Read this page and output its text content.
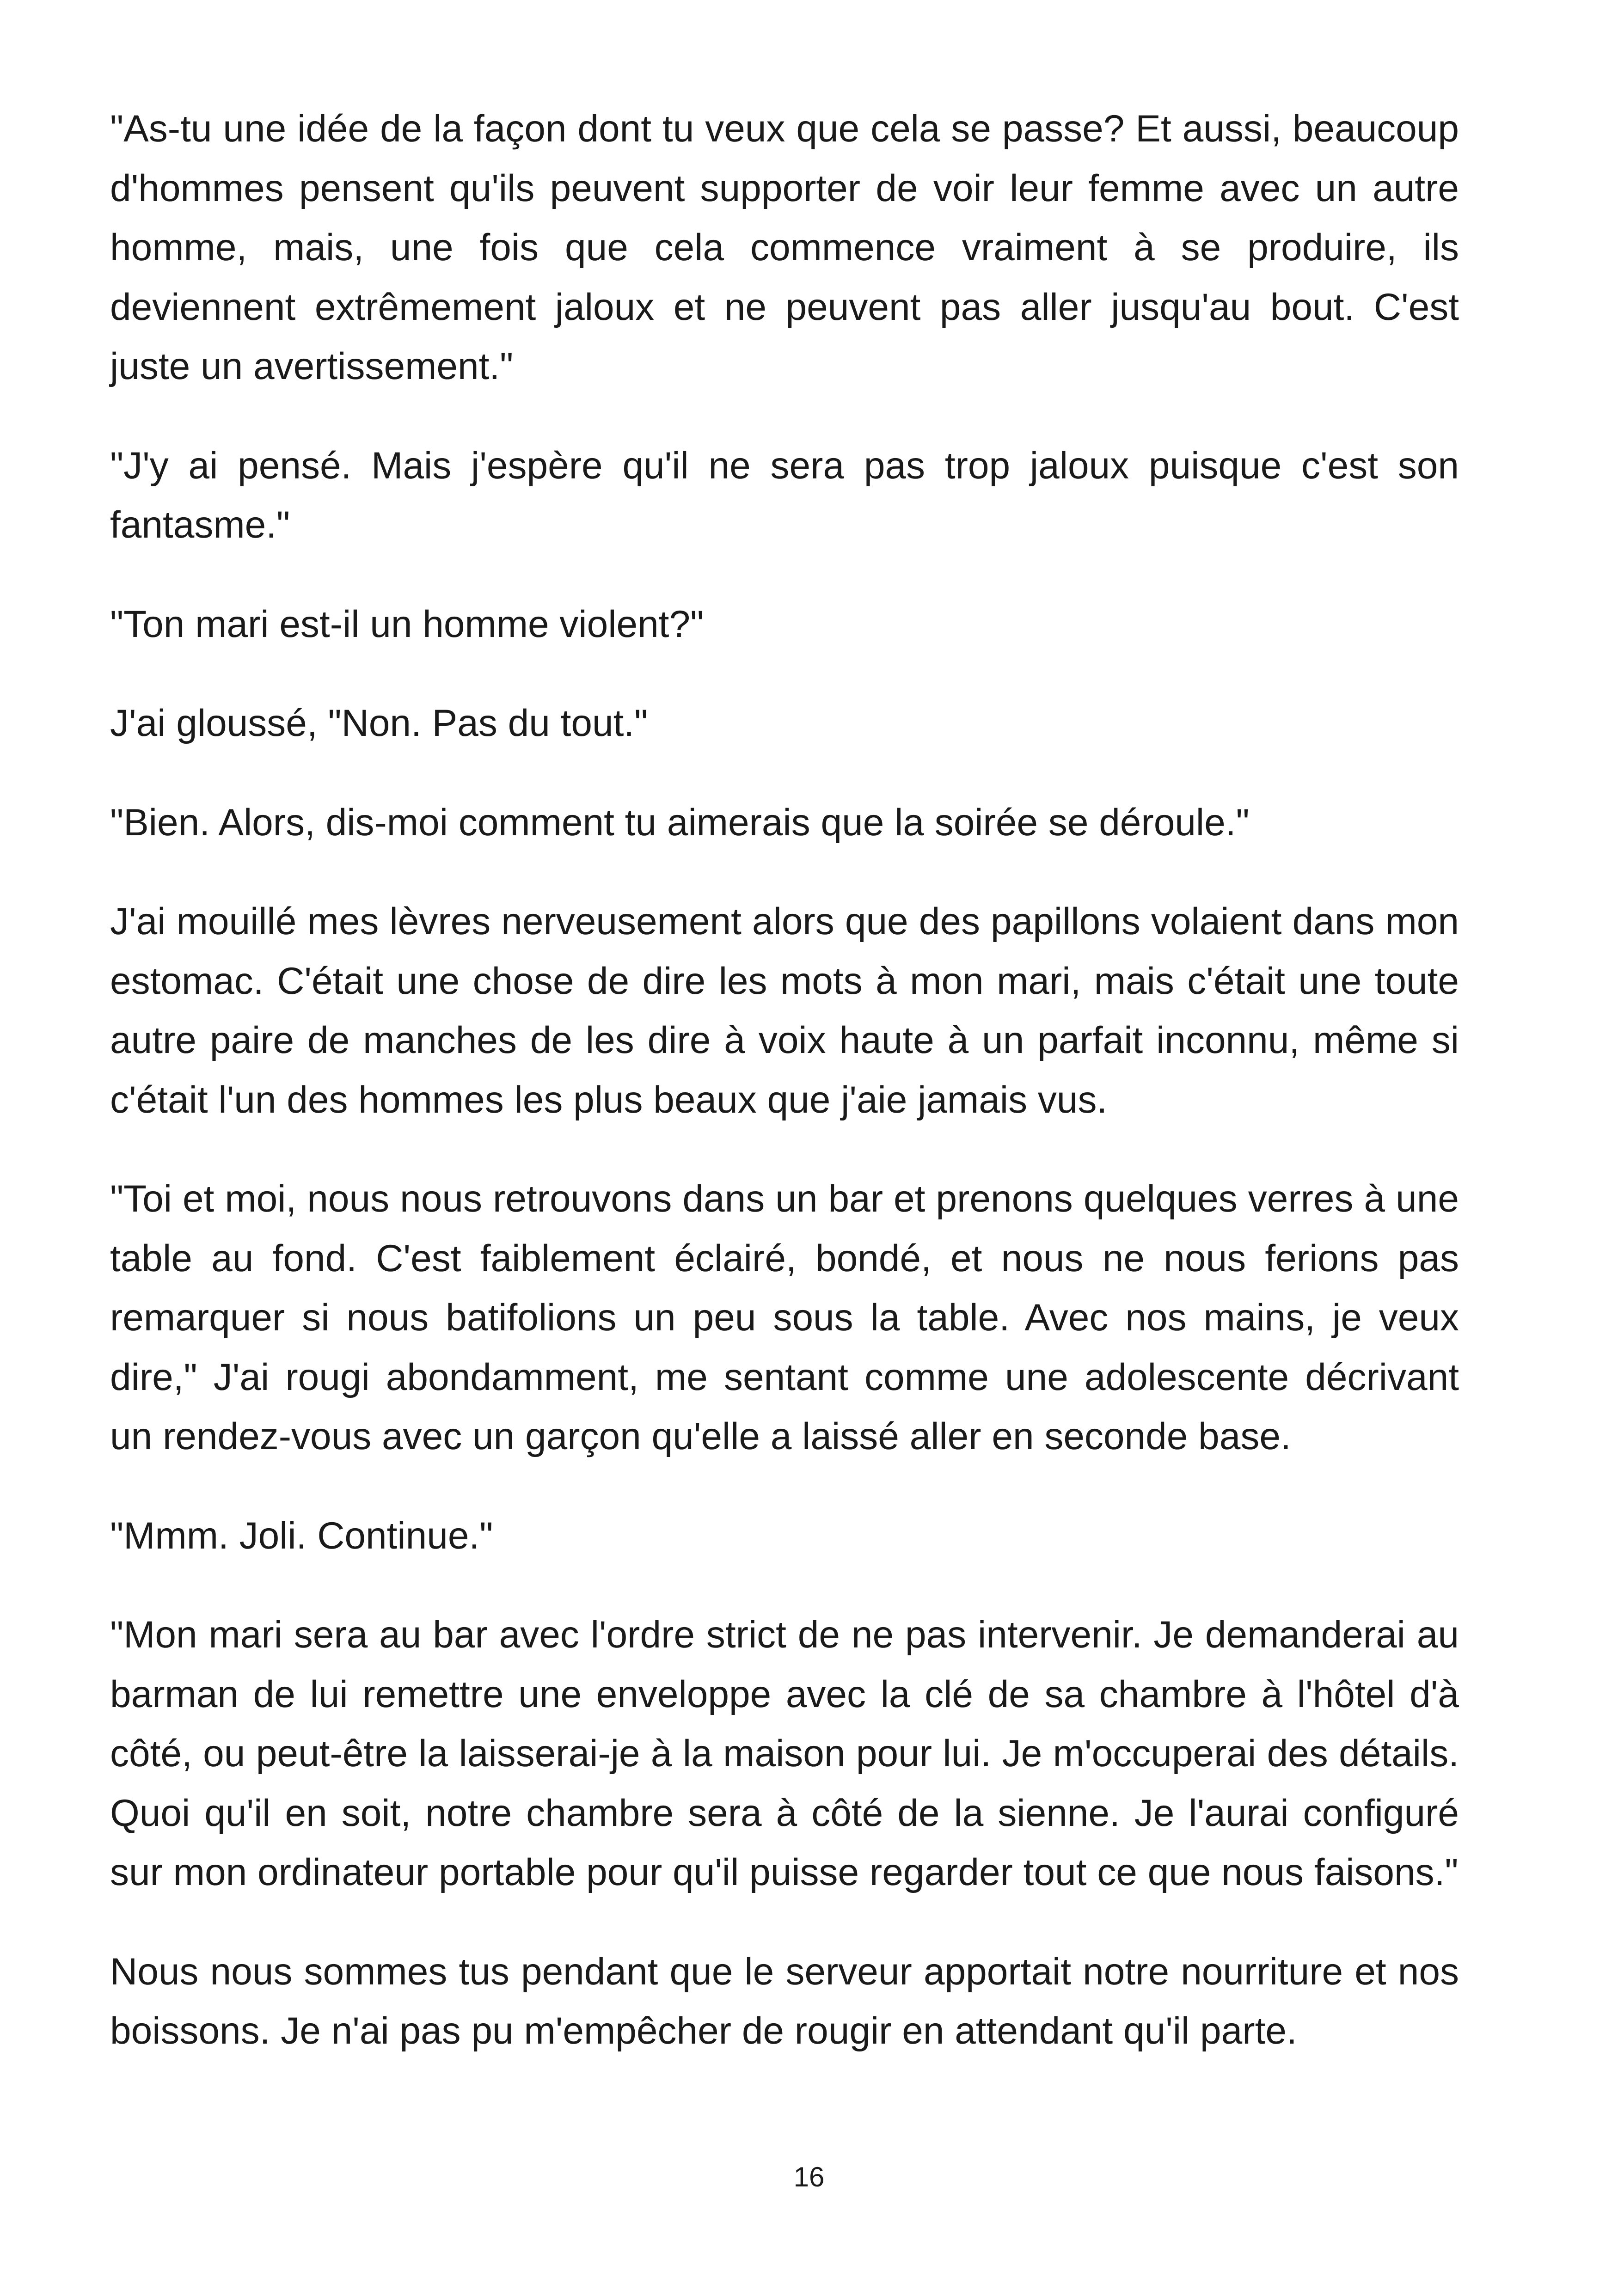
"As-tu une idée de la façon dont tu veux que cela se passe? Et aussi, beaucoup d'hommes pensent qu'ils peuvent supporter de voir leur femme avec un autre homme, mais, une fois que cela commence vraiment à se produire, ils deviennent extrêmement jaloux et ne peuvent pas aller jusqu'au bout. C'est juste un avertissement."

"J'y ai pensé. Mais j'espère qu'il ne sera pas trop jaloux puisque c'est son fantasme."

"Ton mari est-il un homme violent?"

J'ai gloussé, "Non. Pas du tout."

"Bien. Alors, dis-moi comment tu aimerais que la soirée se déroule."

J'ai mouillé mes lèvres nerveusement alors que des papillons volaient dans mon estomac. C'était une chose de dire les mots à mon mari, mais c'était une toute autre paire de manches de les dire à voix haute à un parfait inconnu, même si c'était l'un des hommes les plus beaux que j'aie jamais vus.

"Toi et moi, nous nous retrouvons dans un bar et prenons quelques verres à une table au fond. C'est faiblement éclairé, bondé, et nous ne nous ferions pas remarquer si nous batifolions un peu sous la table. Avec nos mains, je veux dire," J'ai rougi abondamment, me sentant comme une adolescente décrivant un rendez-vous avec un garçon qu'elle a laissé aller en seconde base.

"Mmm. Joli. Continue."

"Mon mari sera au bar avec l'ordre strict de ne pas intervenir. Je demanderai au barman de lui remettre une enveloppe avec la clé de sa chambre à l'hôtel d'à côté, ou peut-être la laisserai-je à la maison pour lui. Je m'occuperai des détails. Quoi qu'il en soit, notre chambre sera à côté de la sienne. Je l'aurai configuré sur mon ordinateur portable pour qu'il puisse regarder tout ce que nous faisons."

Nous nous sommes tus pendant que le serveur apportait notre nourriture et nos boissons. Je n'ai pas pu m'empêcher de rougir en attendant qu'il parte.

16
